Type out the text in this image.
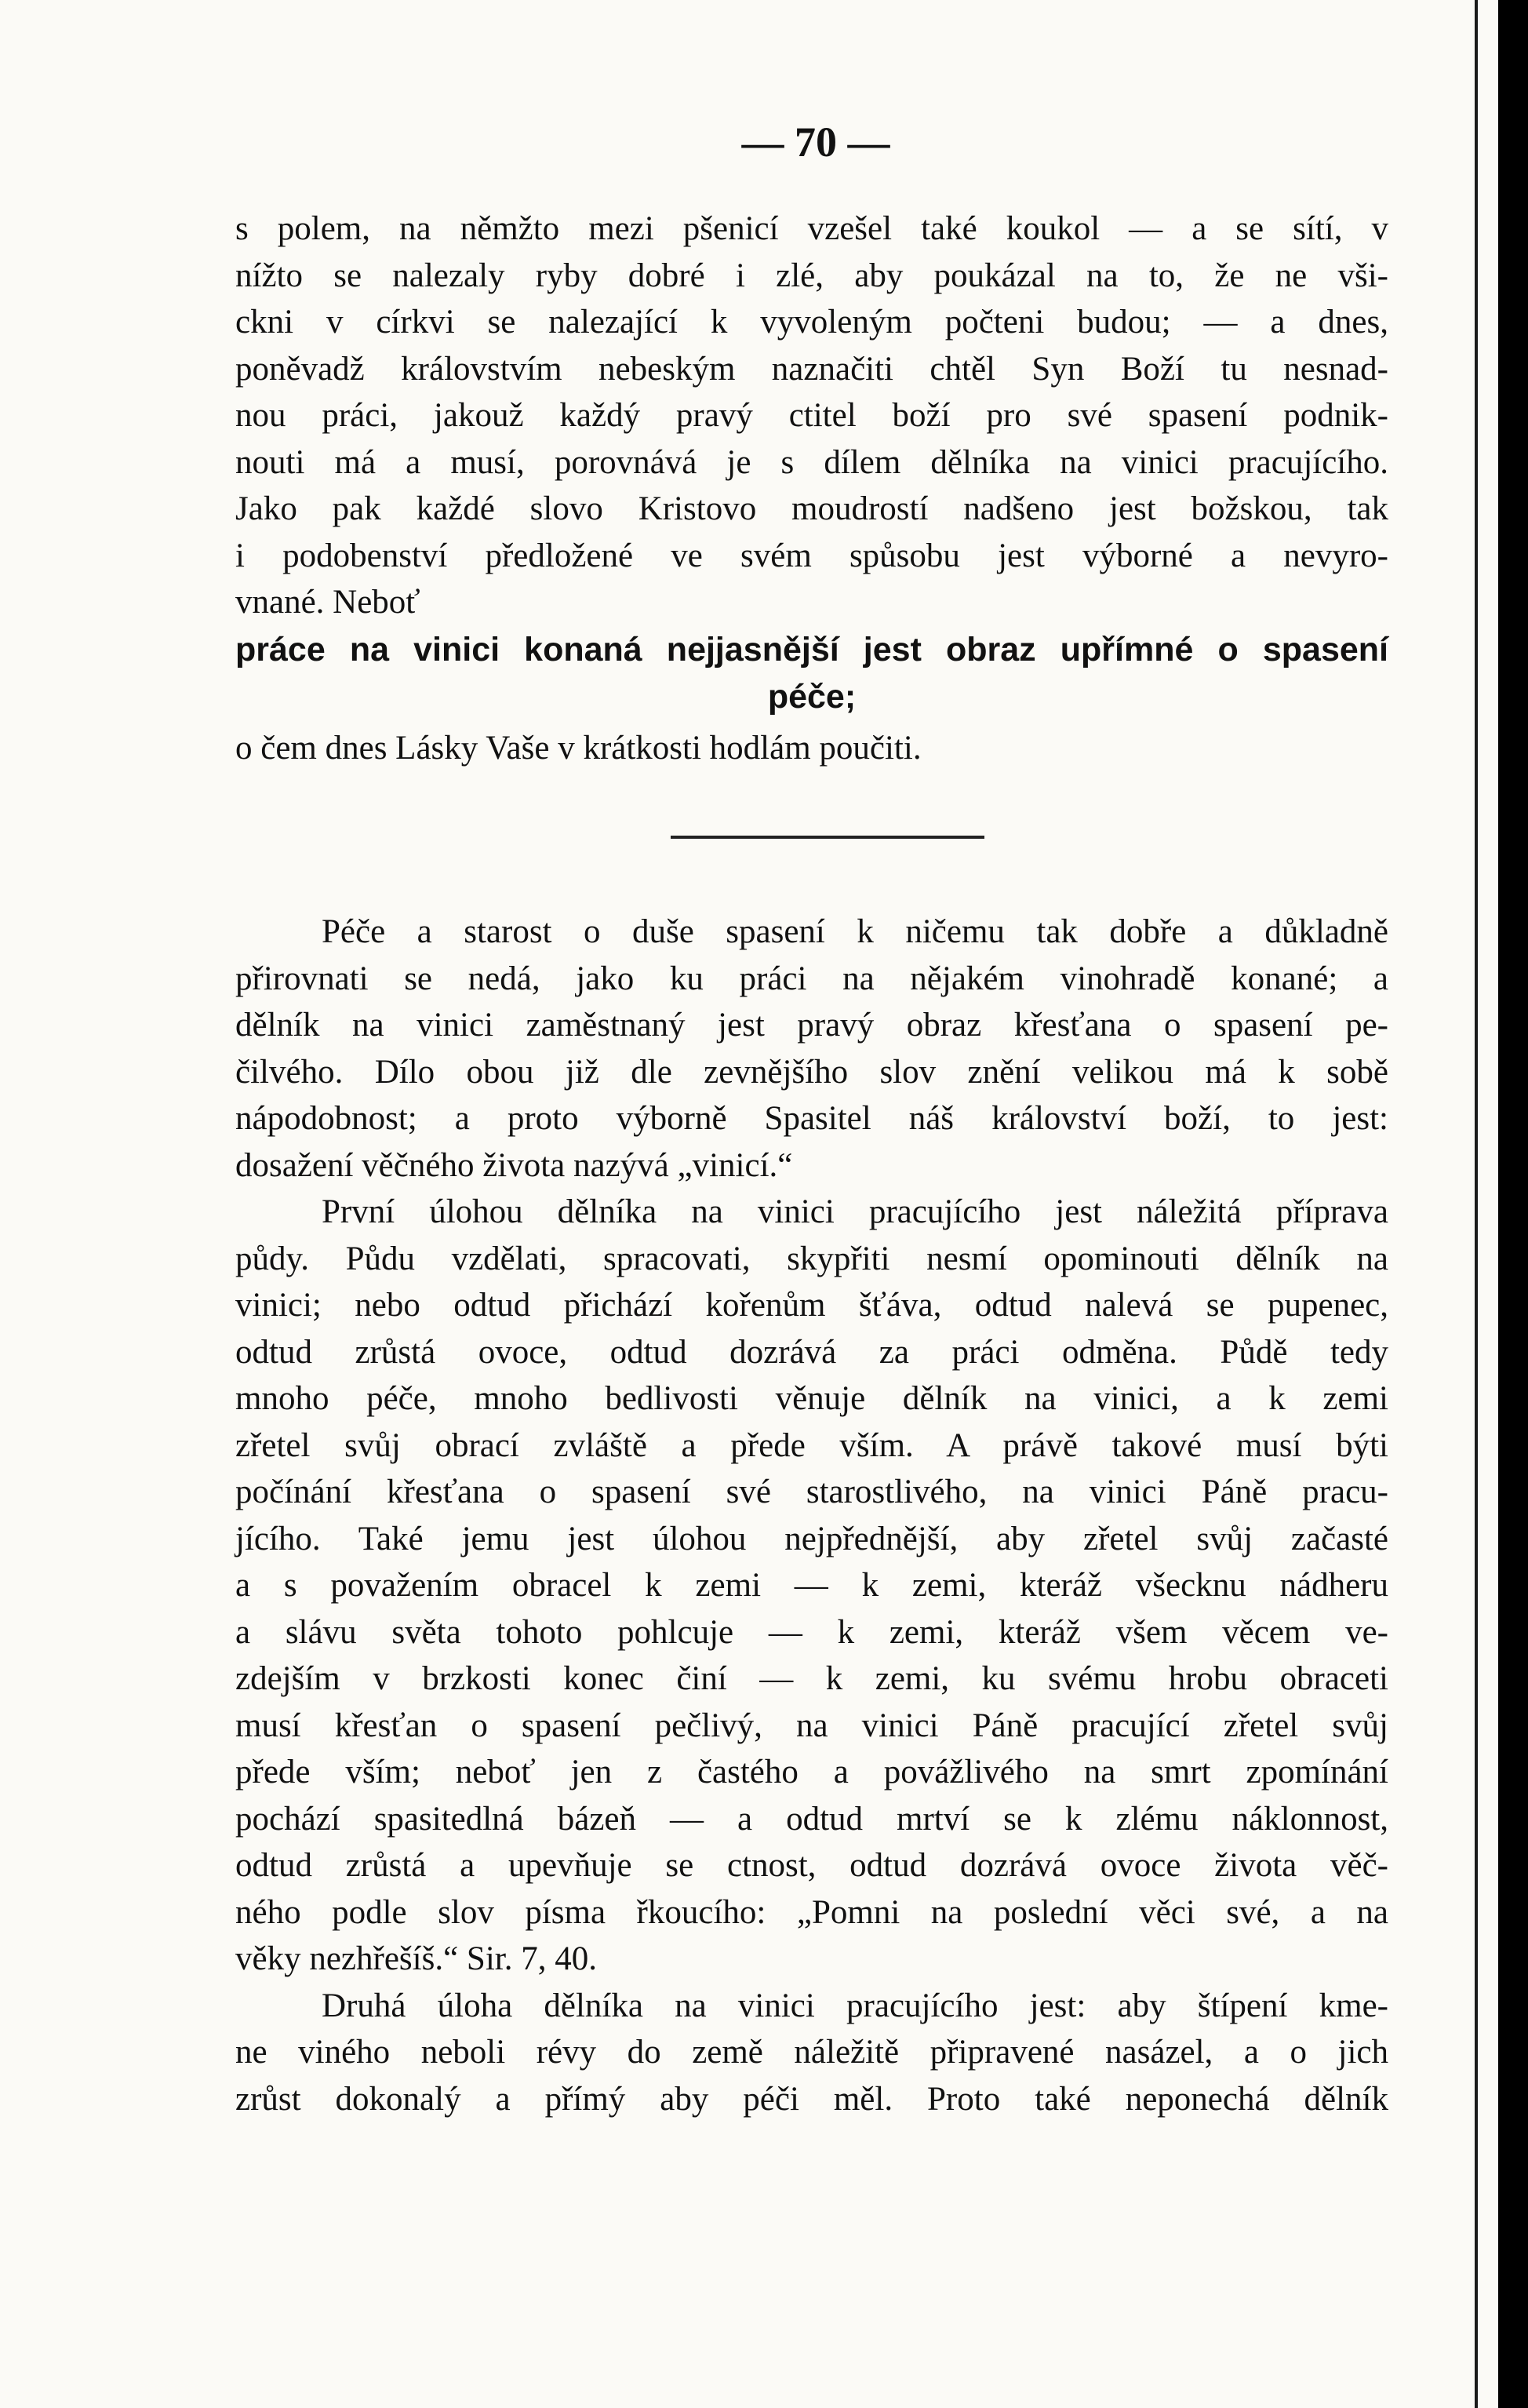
— 70 —
s polem, na němžto mezi pšenicí vzešel také koukol — a se sítí, v
nížto se nalezaly ryby dobré i zlé, aby poukázal na to, že ne vši-
ckni v církvi se nalezající k vyvoleným počteni budou; — a dnes,
poněvadž královstvím nebeským naznačiti chtěl Syn Boží tu nesnad-
nou práci, jakouž každý pravý ctitel boží pro své spasení podnik-
nouti má a musí, porovnává je s dílem dělníka na vinici pracujícího.
Jako pak každé slovo Kristovo moudrostí nadšeno jest božskou, tak
i podobenství předložené ve svém spůsobu jest výborné a nevyro-
vnané. Neboť
práce na vinici konaná nejjasnější jest obraz upřímné o spasení
péče;
o čem dnes Lásky Vaše v krátkosti hodlám poučiti.
Péče a starost o duše spasení k ničemu tak dobře a důkladně
přirovnati se nedá, jako ku práci na nějakém vinohradě konané; a
dělník na vinici zaměstnaný jest pravý obraz křesťana o spasení pe-
čilvého. Dílo obou již dle zevnějšího slov znění velikou má k sobě
nápodobnost; a proto výborně Spasitel náš království boží, to jest:
dosažení věčného života nazývá „vinicí.“
První úlohou dělníka na vinici pracujícího jest náležitá příprava
půdy. Půdu vzdělati, spracovati, skypřiti nesmí opominouti dělník na
vinici; nebo odtud přichází kořenům šťáva, odtud nalevá se pupenec,
odtud zrůstá ovoce, odtud dozrává za práci odměna. Půdě tedy
mnoho péče, mnoho bedlivosti věnuje dělník na vinici, a k zemi
zřetel svůj obrací zvláště a přede vším. A právě takové musí býti
počínání křesťana o spasení své starostlivého, na vinici Páně pracu-
jícího. Také jemu jest úlohou nejpřednější, aby zřetel svůj začasté
a s považením obracel k zemi — k zemi, kteráž všecknu nádheru
a slávu světa tohoto pohlcuje — k zemi, kteráž všem věcem ve-
zdejším v brzkosti konec činí — k zemi, ku svému hrobu obraceti
musí křesťan o spasení pečlivý, na vinici Páně pracující zřetel svůj
přede vším; neboť jen z častého a povážlivého na smrt zpomínání
pochází spasitedlná bázeň — a odtud mrtví se k zlému náklonnost,
odtud zrůstá a upevňuje se ctnost, odtud dozrává ovoce života věč-
ného podle slov písma řkoucího: „Pomni na poslední věci své, a na
věky nezhřešíš.“ Sir. 7, 40.
Druhá úloha dělníka na vinici pracujícího jest: aby štípení kme-
ne viného neboli révy do země náležitě připravené nasázel, a o jich
zrůst dokonalý a přímý aby péči měl. Proto také neponechá dělník
